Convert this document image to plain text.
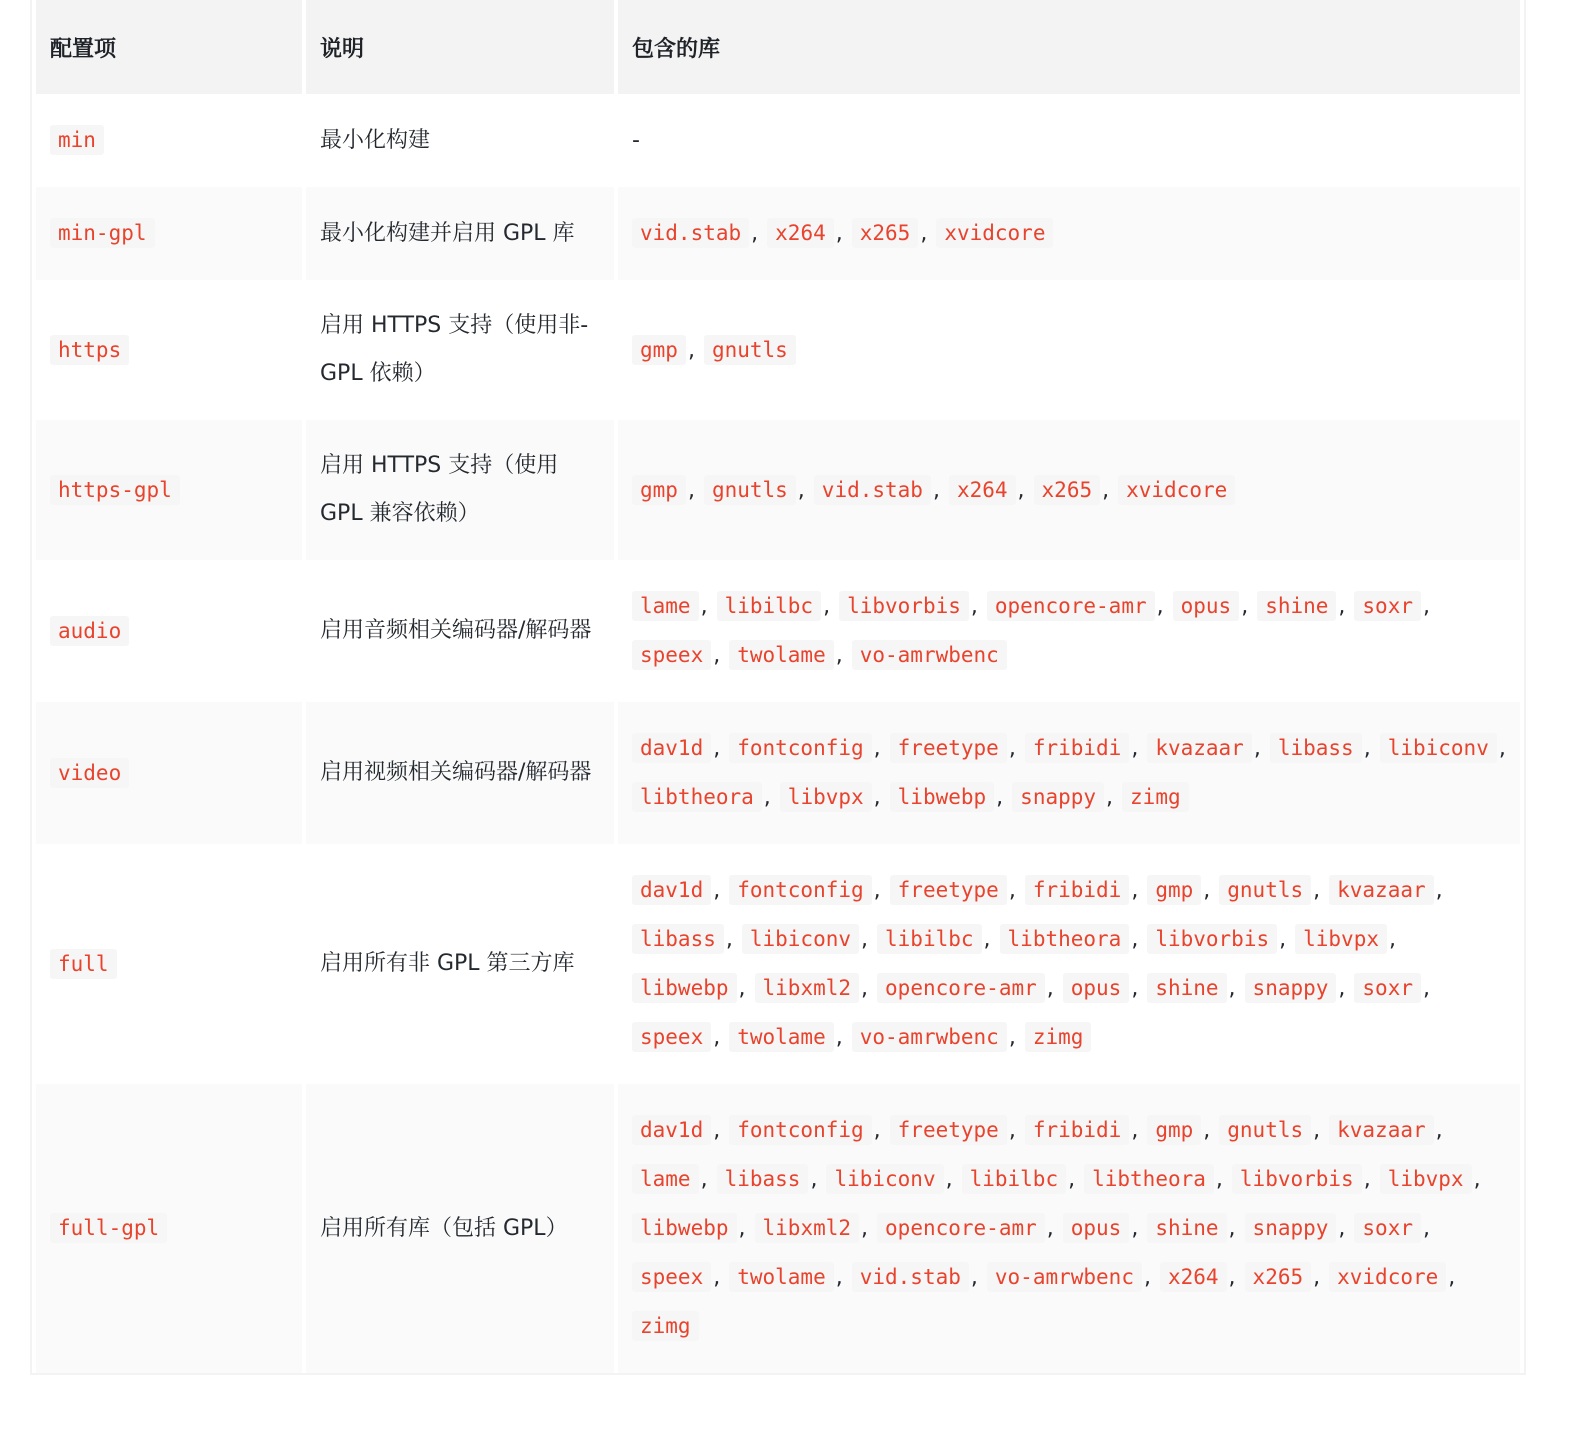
配置项	说明	包含的库
min	最小化构建	-
min-gpl	最小化构建并启用 GPL 库	vid.stab , x264 , x265 , xvidcore
https	启用 HTTPS 支持（使用非-GPL 依赖）	gmp , gnutls
https-gpl	启用 HTTPS 支持（使用 GPL 兼容依赖）	gmp , gnutls , vid.stab , x264 , x265 , xvidcore
audio	启用音频相关编码器/解码器	lame , libilbc , libvorbis , opencore-amr , opus , shine , soxr , speex , twolame , vo-amrwbenc
video	启用视频相关编码器/解码器	dav1d , fontconfig , freetype , fribidi , kvazaar , libass , libiconv , libtheora , libvpx , libwebp , snappy , zimg
full	启用所有非 GPL 第三方库	dav1d , fontconfig , freetype , fribidi , gmp , gnutls , kvazaar , libass , libiconv , libilbc , libtheora , libvorbis , libvpx , libwebp , libxml2 , opencore-amr , opus , shine , snappy , soxr , speex , twolame , vo-amrwbenc , zimg
full-gpl	启用所有库（包括 GPL）	dav1d , fontconfig , freetype , fribidi , gmp , gnutls , kvazaar , lame , libass , libiconv , libilbc , libtheora , libvorbis , libvpx , libwebp , libxml2 , opencore-amr , opus , shine , snappy , soxr , speex , twolame , vid.stab , vo-amrwbenc , x264 , x265 , xvidcore , zimg
